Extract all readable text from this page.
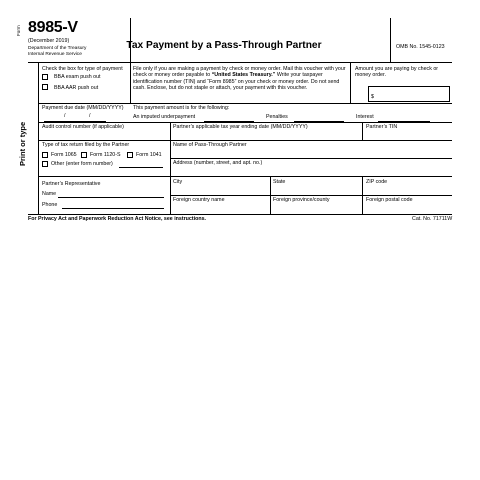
Form 8985-V
(December 2019)
Department of the Treasury
Internal Revenue Service
Tax Payment by a Pass-Through Partner	OMB No. 1545-0123
Print or type
Check the box for type of payment
BBA exam push out
BBA AAR push out
File only if you are making a payment by check or money order. Mail this voucher with your check or money order payable to “United States Treasury.” Write your taxpayer identification number (TIN) and “Form 8985” on your check or money order. Do not send cash. Enclose, but do not staple or attach, your payment with this voucher.
Amount you are paying by check or money order.
$
Payment due date (MM/DD/YYYY)
/	/
This payment amount is for the following:
An imputed underpayment	Penalties	Interest
Audit control number (if applicable)	Partner’s applicable tax year ending date (MM/DD/YYYY)	Partner’s TIN
Type of tax return filed by the Partner
Form 1065	Form 1120-S	Form 1041
Other (enter form number)
Name of Pass-Through Partner
Address (number, street, and apt. no.)
Partner’s Representative
Name
Phone
City	State	ZIP code
Foreign country name	Foreign province/county	Foreign postal code
For Privacy Act and Paperwork Reduction Act Notice, see instructions.	Cat. No. 71711W
